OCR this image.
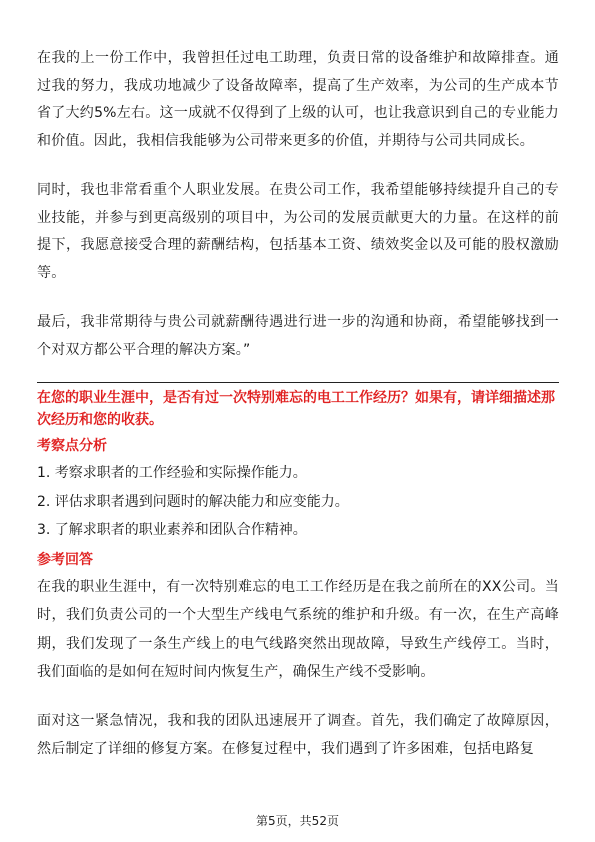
在我的上一份工作中，我曾担任过电工助理，负责日常的设备维护和故障排查。通过我的努力，我成功地减少了设备故障率，提高了生产效率，为公司的生产成本节省了大约5%左右。这一成就不仅得到了上级的认可，也让我意识到自己的专业能力和价值。因此，我相信我能够为公司带来更多的价值，并期待与公司共同成长。

同时，我也非常看重个人职业发展。在贵公司工作，我希望能够持续提升自己的专业技能，并参与到更高级别的项目中，为公司的发展贡献更大的力量。在这样的前提下，我愿意接受合理的薪酬结构，包括基本工资、绩效奖金以及可能的股权激励等。

最后，我非常期待与贵公司就薪酬待遇进行进一步的沟通和协商，希望能够找到一个对双方都公平合理的解决方案。”

在您的职业生涯中，是否有过一次特别难忘的电工工作经历？如果有，请详细描述那次经历和您的收获。

考察点分析

1. 考察求职者的工作经验和实际操作能力。

2. 评估求职者遇到问题时的解决能力和应变能力。

3. 了解求职者的职业素养和团队合作精神。

参考回答

在我的职业生涯中，有一次特别难忘的电工工作经历是在我之前所在的XX公司。当时，我们负责公司的一个大型生产线电气系统的维护和升级。有一次，在生产高峰期，我们发现了一条生产线上的电气线路突然出现故障，导致生产线停工。当时，我们面临的是如何在短时间内恢复生产，确保生产线不受影响。

面对这一紧急情况，我和我的团队迅速展开了调查。首先，我们确定了故障原因，然后制定了详细的修复方案。在修复过程中，我们遇到了许多困难，包括电路复

第5页，共52页
